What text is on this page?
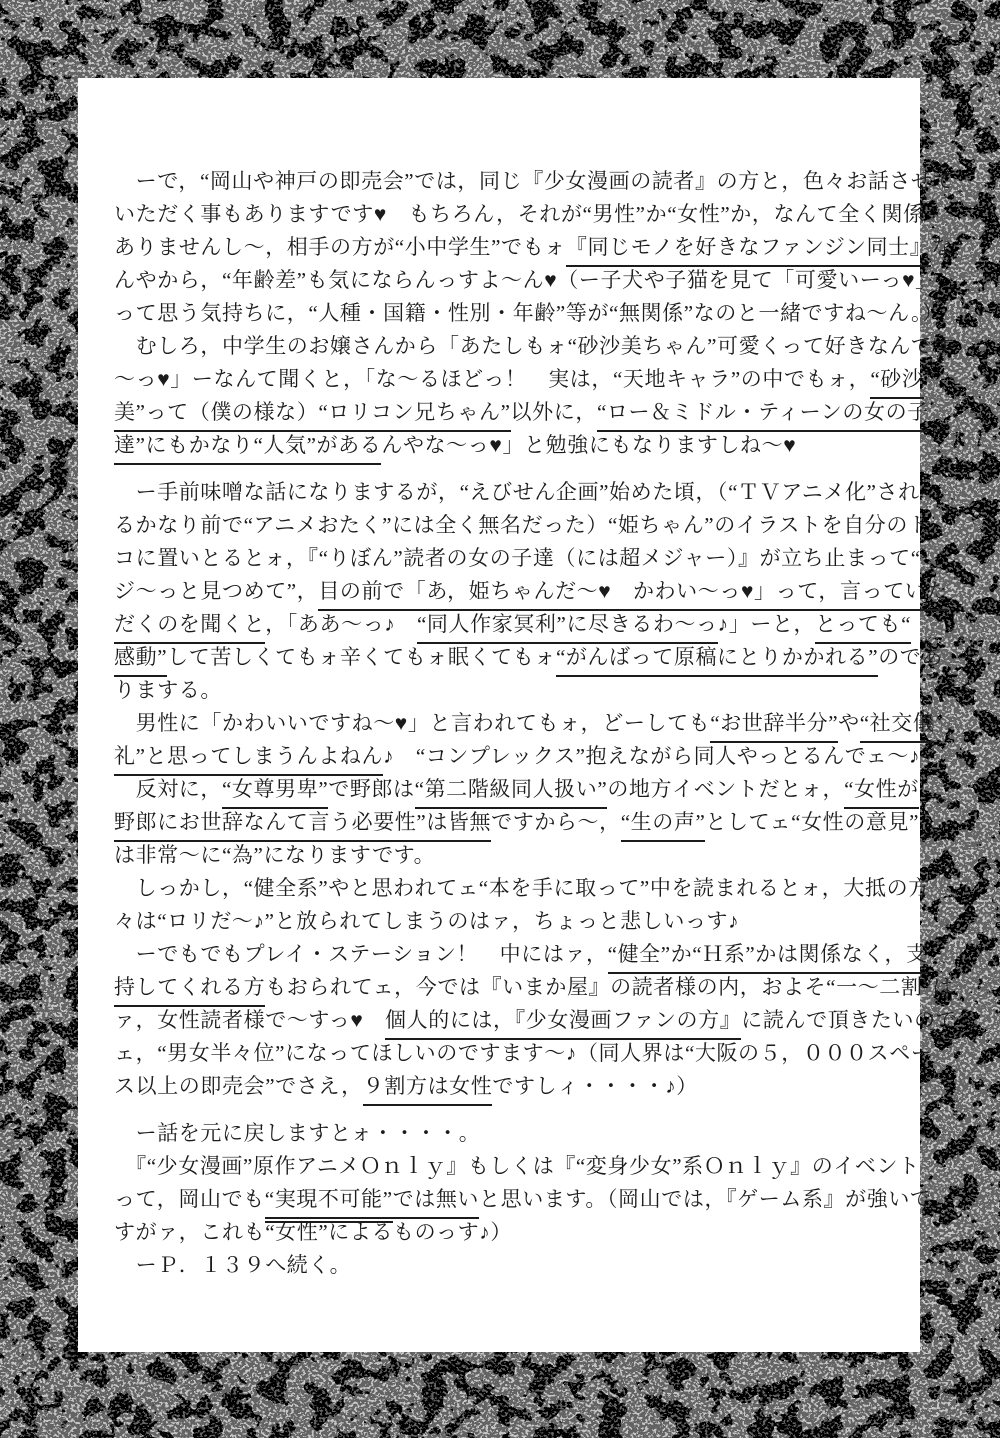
　ーで，“岡山や神戸の即売会”では，同じ『少女漫画の読者』の方と，色々お話させて
いただく事もありますです♥　もちろん，それが“男性”か“女性”か，なんて全く関係
ありませんし～，相手の方が“小中学生”でもォ『同じモノを好きなファンジン同士』な
んやから，“年齢差”も気にならんっすよ～ん♥（ー子犬や子猫を見て「可愛いーっ♥」
って思う気持ちに，“人種・国籍・性別・年齢”等が“無関係”なのと一緒ですね～ん。）
　むしろ，中学生のお嬢さんから「あたしもォ“砂沙美ちゃん”可愛くって好きなんです
～っ♥」ーなんて聞くと，「な～るほどっ！　実は，“天地キャラ”の中でもォ，“砂沙
美”って（僕の様な）“ロリコン兄ちゃん”以外に，“ロー＆ミドル・ティーンの女の子
達”にもかなり“人気”があるんやな～っ♥」と勉強にもなりますしね～♥
　ー手前味噌な話になりまするが，“えびせん企画”始めた頃，（“ＴＶアニメ化”され
るかなり前で“アニメおたく”には全く無名だった）“姫ちゃん”のイラストを自分のト
コに置いとるとォ，『“りぼん”読者の女の子達（には超メジャー）』が立ち止まって“
ジ～っと見つめて”，目の前で「あ，姫ちゃんだ～♥　かわい～っ♥」って，言っていた
だくのを聞くと，「ああ～っ♪　“同人作家冥利”に尽きるわ～っ♪」ーと，とっても“
感動”して苦しくてもォ辛くてもォ眠くてもォ“がんばって原稿にとりかかれる”のであ
りまする。
　男性に「かわいいですね～♥」と言われてもォ，どーしても“お世辞半分”や“社交儀
礼”と思ってしまうんよねん♪　“コンプレックス”抱えながら同人やっとるんでェ～♪
　反対に，“女尊男卑”で野郎は“第二階級同人扱い”の地方イベントだとォ，“女性が
野郎にお世辞なんて言う必要性”は皆無ですから～，“生の声”としてェ“女性の意見”
は非常～に“為”になりますです。
　しっかし，“健全系”やと思われてェ“本を手に取って”中を読まれるとォ，大抵の方
々は“ロリだ～♪”と放られてしまうのはァ，ちょっと悲しいっす♪
　ーでもでもプレイ・ステーション！　中にはァ，“健全”か“Ｈ系”かは関係なく，支
持してくれる方もおられてェ，今では『いまか屋』の読者様の内，およそ“一～二割”は
ァ，女性読者様で～すっ♥　個人的には，『少女漫画ファンの方』に読んで頂きたいので
ェ，“男女半々位”になってほしいのですます～♪（同人界は“大阪の５，０００スペー
ス以上の即売会”でさえ，９割方は女性ですしィ・・・・♪）
　ー話を元に戻しますとォ・・・・。
　『“少女漫画”原作アニメＯｎｌｙ』もしくは『“変身少女”系Ｏｎｌｙ』のイベント
って，岡山でも“実現不可能”では無いと思います。（岡山では，『ゲーム系』が強いで
すがァ，これも“女性”によるものっす♪）
　ーＰ．１３９へ続く。
